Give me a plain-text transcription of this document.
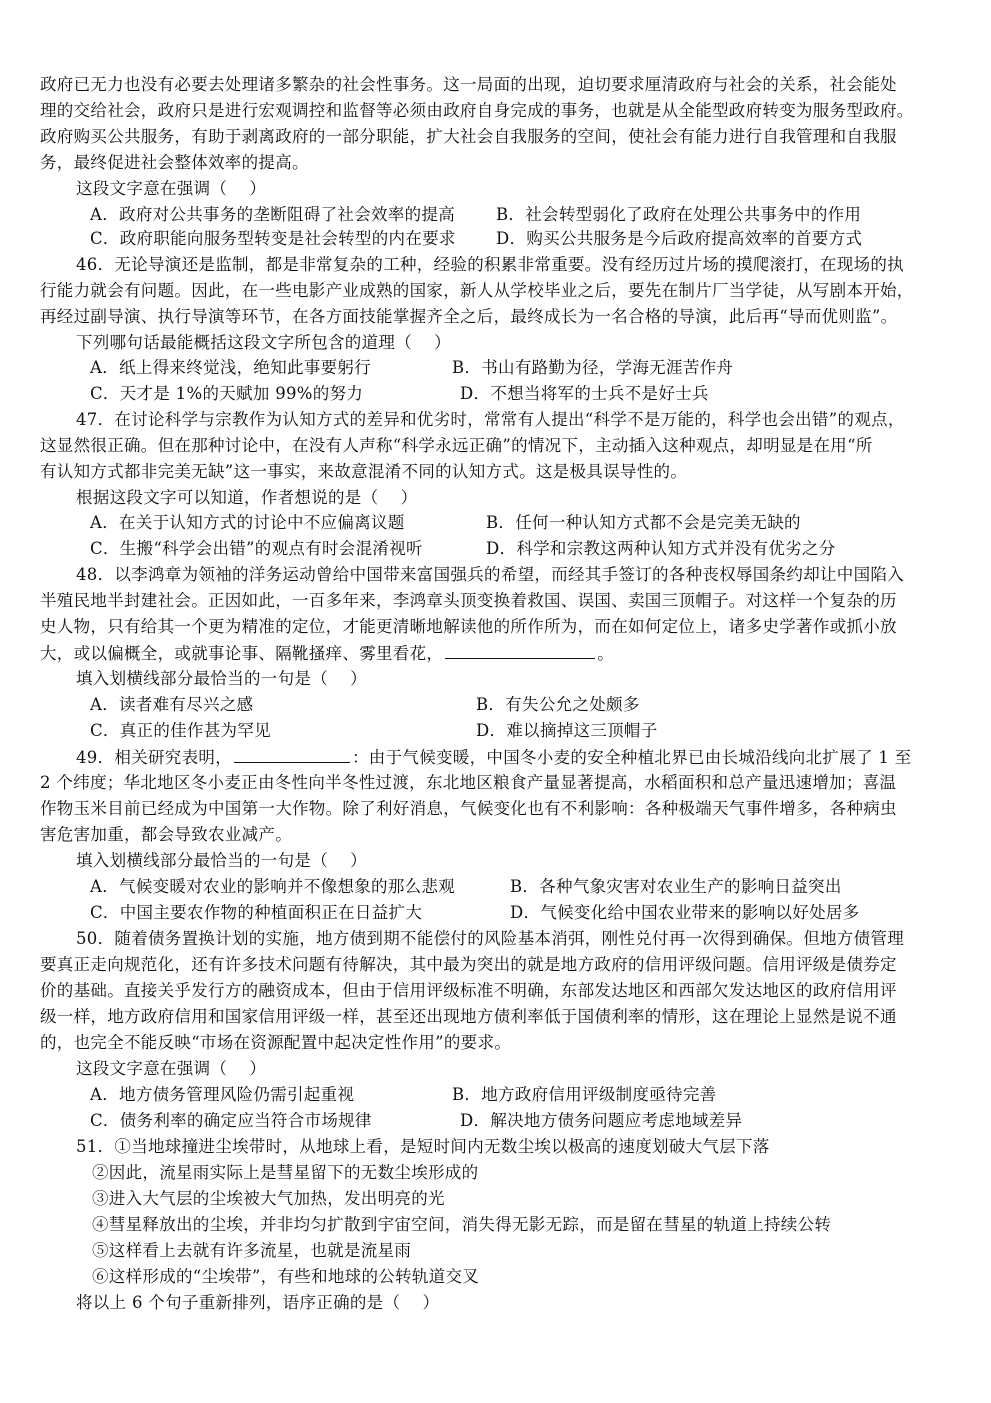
政府已无力也没有必要去处理诸多繁杂的社会性事务。这一局面的出现，迫切要求厘清政府与社会的关系，社会能处
理的交给社会，政府只是进行宏观调控和监督等必须由政府自身完成的事务，也就是从全能型政府转变为服务型政府。
政府购买公共服务，有助于剥离政府的一部分职能，扩大社会自我服务的空间，使社会有能力进行自我管理和自我服
务，最终促进社会整体效率的提高。
这段文字意在强调（    ）
A．政府对公共事务的垄断阻碍了社会效率的提高 B．社会转型弱化了政府在处理公共事务中的作用
C．政府职能向服务型转变是社会转型的内在要求 D．购买公共服务是今后政府提高效率的首要方式
46．无论导演还是监制，都是非常复杂的工种，经验的积累非常重要。没有经历过片场的摸爬滚打，在现场的执
行能力就会有问题。因此，在一些电影产业成熟的国家，新人从学校毕业之后，要先在制片厂当学徒，从写剧本开始，
再经过副导演、执行导演等环节，在各方面技能掌握齐全之后，最终成长为一名合格的导演，此后再“导而优则监”。
下列哪句话最能概括这段文字所包含的道理（    ）
A．纸上得来终觉浅，绝知此事要躬行	B．书山有路勤为径，学海无涯苦作舟
C．天才是 1%的天赋加 99%的努力	D．不想当将军的士兵不是好士兵
47．在讨论科学与宗教作为认知方式的差异和优劣时，常常有人提出“科学不是万能的，科学也会出错”的观点，
这显然很正确。但在那种讨论中，在没有人声称“科学永远正确”的情况下，主动插入这种观点，却明显是在用“所
有认知方式都非完美无缺”这一事实，来故意混淆不同的认知方式。这是极具误导性的。
根据这段文字可以知道，作者想说的是（    ）
A．在关于认知方式的讨论中不应偏离议题	B．任何一种认知方式都不会是完美无缺的
C．生搬“科学会出错”的观点有时会混淆视听	D．科学和宗教这两种认知方式并没有优劣之分
48．以李鸿章为领袖的洋务运动曾给中国带来富国强兵的希望，而经其手签订的各种丧权辱国条约却让中国陷入
半殖民地半封建社会。正因如此，一百多年来，李鸿章头顶变换着救国、误国、卖国三顶帽子。对这样一个复杂的历
史人物，只有给其一个更为精准的定位，才能更清晰地解读他的所作所为，而在如何定位上，诸多史学著作或抓小放
大，或以偏概全，或就事论事、隔靴搔痒、雾里看花，	。
填入划横线部分最恰当的一句是（    ）
A．读者难有尽兴之感	B．有失公允之处颇多
C．真正的佳作甚为罕见	D．难以摘掉这三顶帽子
49．相关研究表明，	：由于气候变暖，中国冬小麦的安全种植北界已由长城沿线向北扩展了 1 至
2 个纬度；华北地区冬小麦正由冬性向半冬性过渡，东北地区粮食产量显著提高，水稻面积和总产量迅速增加；喜温
作物玉米目前已经成为中国第一大作物。除了利好消息，气候变化也有不利影响：各种极端天气事件增多，各种病虫
害危害加重，都会导致农业减产。
填入划横线部分最恰当的一句是（    ）
A．气候变暖对农业的影响并不像想象的那么悲观	B．各种气象灾害对农业生产的影响日益突出
C．中国主要农作物的种植面积正在日益扩大	D．气候变化给中国农业带来的影响以好处居多
50．随着债务置换计划的实施，地方债到期不能偿付的风险基本消弭，刚性兑付再一次得到确保。但地方债管理
要真正走向规范化，还有许多技术问题有待解决，其中最为突出的就是地方政府的信用评级问题。信用评级是债券定
价的基础。直接关乎发行方的融资成本，但由于信用评级标准不明确，东部发达地区和西部欠发达地区的政府信用评
级一样，地方政府信用和国家信用评级一样，甚至还出现地方债利率低于国债利率的情形，这在理论上显然是说不通
的，也完全不能反映“市场在资源配置中起决定性作用”的要求。
这段文字意在强调（    ）
A．地方债务管理风险仍需引起重视	B．地方政府信用评级制度亟待完善
C．债务利率的确定应当符合市场规律	D．解决地方债务问题应考虑地域差异
51．①当地球撞进尘埃带时，从地球上看，是短时间内无数尘埃以极高的速度划破大气层下落
②因此，流星雨实际上是彗星留下的无数尘埃形成的
③进入大气层的尘埃被大气加热，发出明亮的光
④彗星释放出的尘埃，并非均匀扩散到宇宙空间，消失得无影无踪，而是留在彗星的轨道上持续公转
⑤这样看上去就有许多流星，也就是流星雨
⑥这样形成的“尘埃带”，有些和地球的公转轨道交叉
将以上 6 个句子重新排列，语序正确的是（    ）
